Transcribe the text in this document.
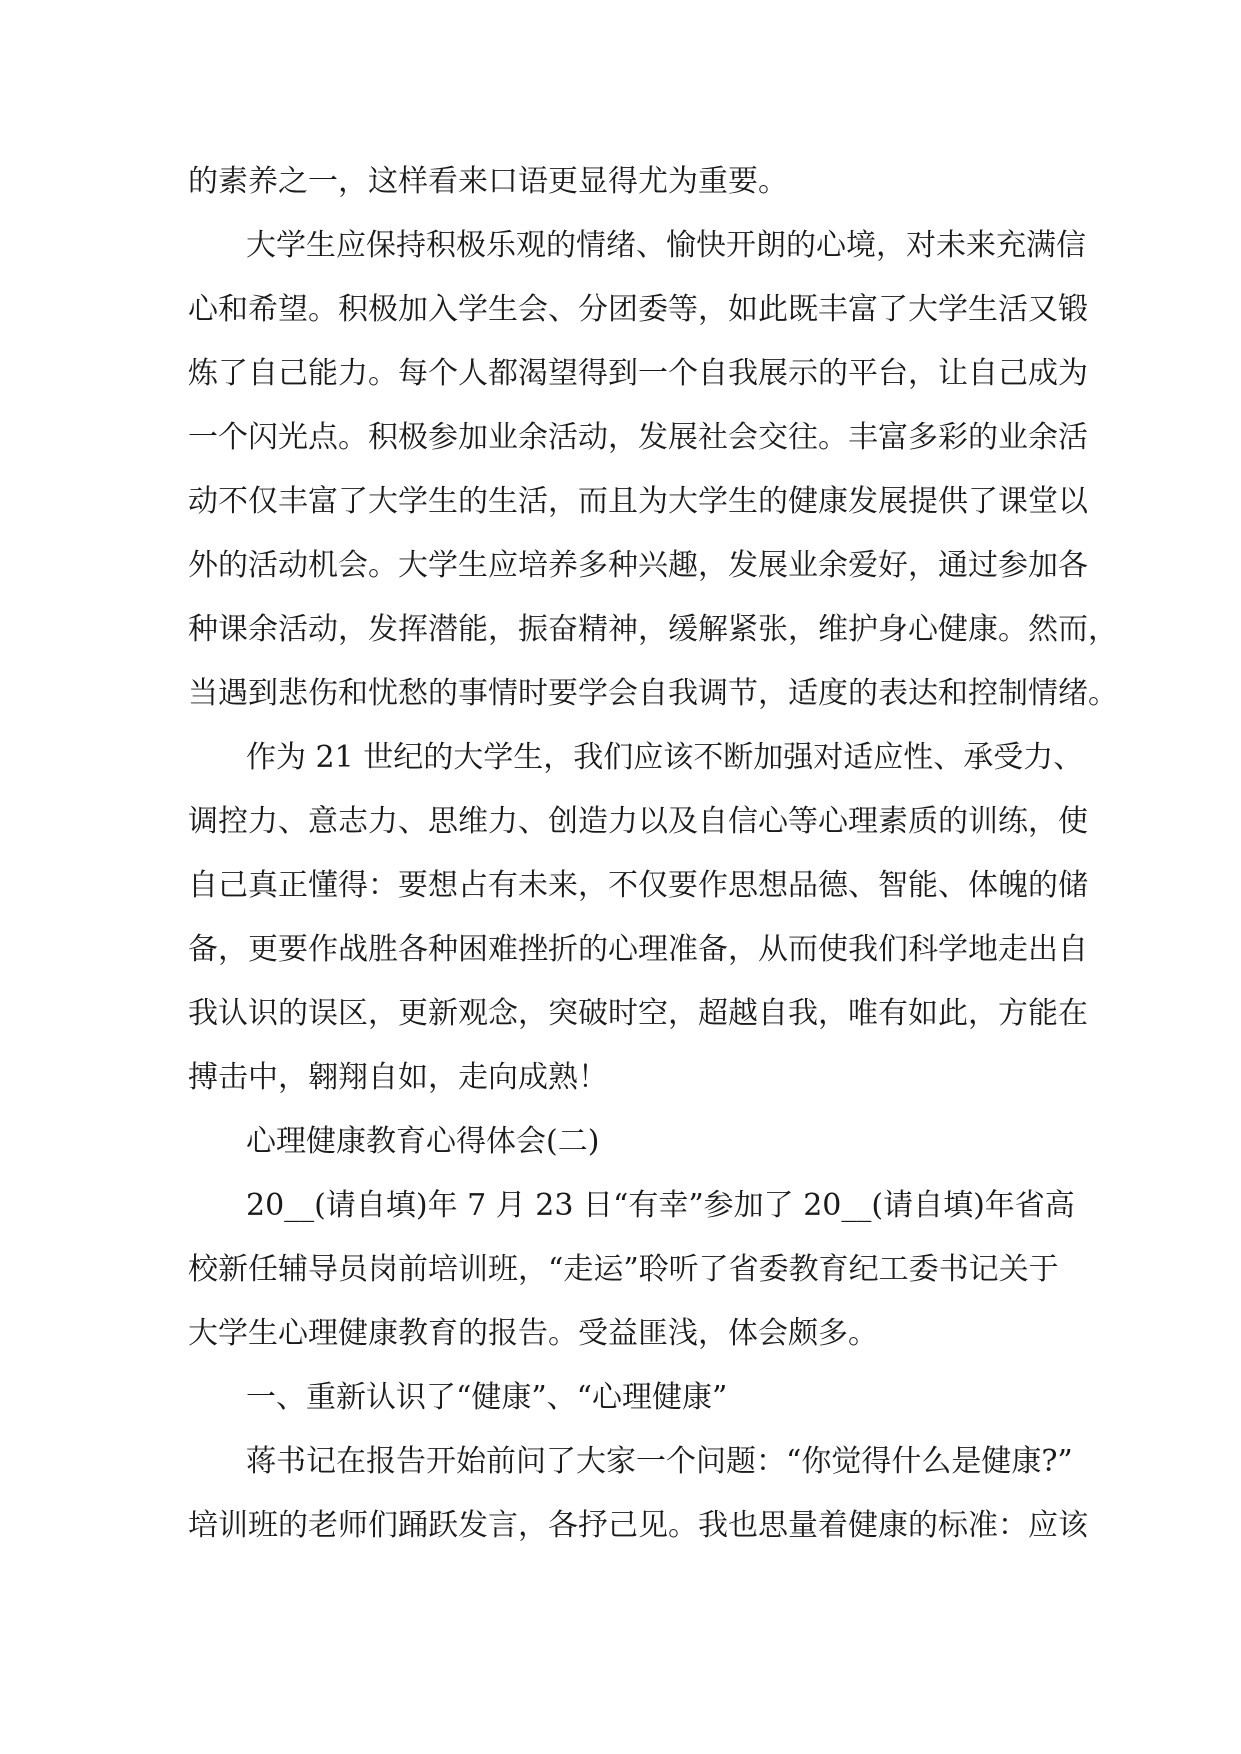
的素养之一，这样看来口语更显得尤为重要。
大学生应保持积极乐观的情绪、愉快开朗的心境，对未来充满信
心和希望。积极加入学生会、分团委等，如此既丰富了大学生活又锻
炼了自己能力。每个人都渴望得到一个自我展示的平台，让自己成为
一个闪光点。积极参加业余活动，发展社会交往。丰富多彩的业余活
动不仅丰富了大学生的生活，而且为大学生的健康发展提供了课堂以
外的活动机会。大学生应培养多种兴趣，发展业余爱好，通过参加各
种课余活动，发挥潜能，振奋精神，缓解紧张，维护身心健康。然而，
当遇到悲伤和忧愁的事情时要学会自我调节，适度的表达和控制情绪。
作为 21 世纪的大学生，我们应该不断加强对适应性、承受力、
调控力、意志力、思维力、创造力以及自信心等心理素质的训练，使
自己真正懂得：要想占有未来，不仅要作思想品德、智能、体魄的储
备，更要作战胜各种困难挫折的心理准备，从而使我们科学地走出自
我认识的误区，更新观念，突破时空，超越自我，唯有如此，方能在
搏击中，翱翔自如，走向成熟！
心理健康教育心得体会(二)
20__(请自填)年 7 月 23 日“有幸”参加了 20__(请自填)年省高
校新任辅导员岗前培训班，“走运”聆听了省委教育纪工委书记关于
大学生心理健康教育的报告。受益匪浅，体会颇多。
一、重新认识了“健康”、“心理健康”
蒋书记在报告开始前问了大家一个问题：“你觉得什么是健康?”
培训班的老师们踊跃发言，各抒己见。我也思量着健康的标准：应该
